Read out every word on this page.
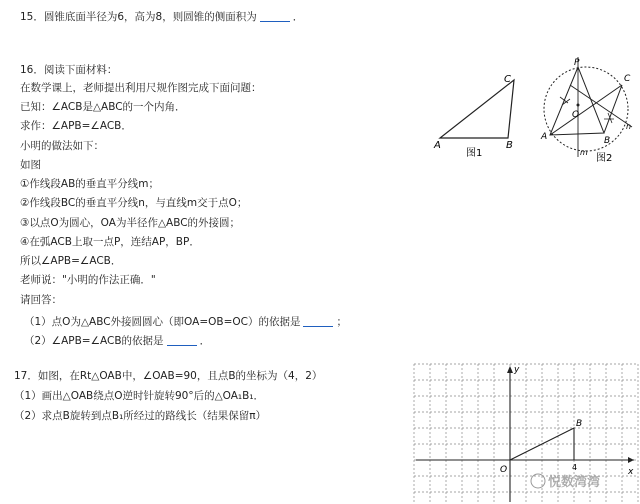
15．圆锥底面半径为6，高为8，则圆锥的侧面积为	．
16．阅读下面材料：
在数学课上，老师提出利用尺规作图完成下面问题：
已知：∠ACB是△ABC的一个内角．
求作：∠APB=∠ACB．
小明的做法如下：
如图
①作线段AB的垂直平分线m；
②作线段BC的垂直平分线n，与直线m交于点O；
③以点O为圆心，OA为半径作△ABC的外接圆；
④在弧ACB上取一点P，连结AP，BP．
所以∠APB=∠ACB．
老师说："小明的作法正确．"
请回答：
（1）点O为△ABC外接圆圆心（即OA=OB=OC）的依据是	；
（2）∠APB=∠ACB的依据是	．
A	B
C
图1
P
C
O
A	B
m
n
图2
17．如图，在Rt△OAB中，∠OAB=90，且点B的坐标为（4，2）
（1）画出△OAB绕点O逆时针旋转90°后的△OA₁B₁．
（2）求点B旋转到点B₁所经过的路线长（结果保留π）
O
B
y
x
4
悦数湾湾
